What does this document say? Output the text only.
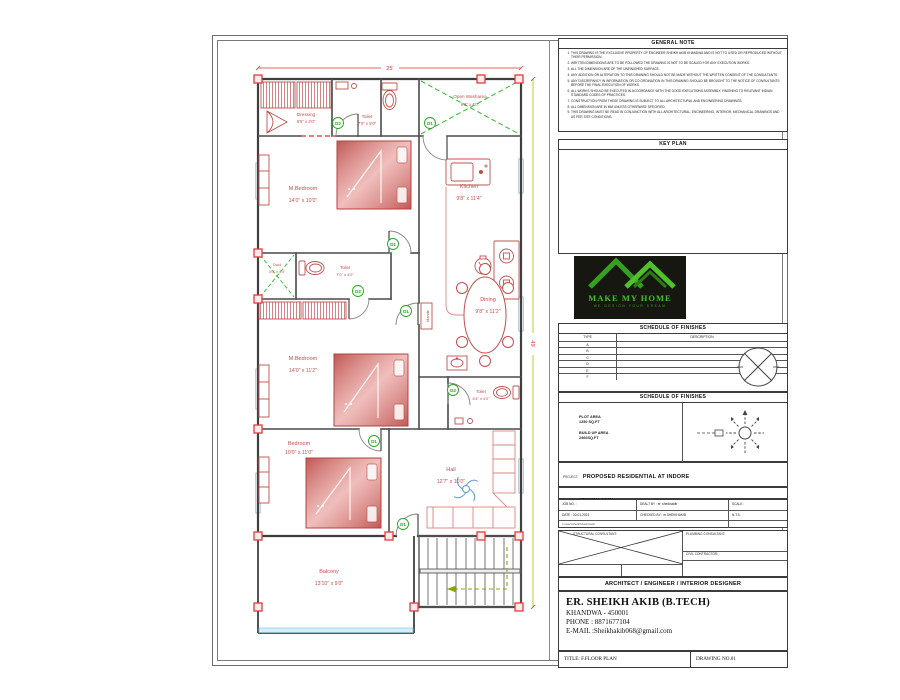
25'
49'
D2	D1
D1
D2
D1
D2
D1
D1
Mandir
Dressing
6'6" x 3'0"
Toilet
7'0" x 5'0"
Open Washarea
9'6" x 4'0"
M.Bedroom
14'0" x 10'0"
Kitchen
9'8" x 11'4"
Duct
3'0" x 4'0"
Toilet
7'0" x 4'0"
M.Bedroom
14'0" x 11'2"
Dining
9'8" x 11'2"
Toilet
6'4" x 4'0"
Bedroom
10'0" x 11'0"
Hall
12'7" x 10'0"
Balcony
13'10" x 9'0"
GENERAL NOTE
1. THIS DRAWING IS THE EXCLUSIVE PROPERTY OF ENGINEER SHEIKH AKIB KHANDWA AND IS NOT TO USED OR REPRODUCED WITHOUT THEIR PERMISSION.
2. WRITTEN DIMENSIONS ARE TO BE FOLLOWED THE DRAWING IS NOT TO BE SCALED FOR ANY EXECUTION WORKS.
3. ALL THE DIMENSION ARE OF THE UNFINISHED SURFACE.
4. ANY ADDITION OR ALTERATION TO THIS DRAWING SHOULD NOT BE MADE WITHOUT THE WRITTEN CONSENT OF THE CONSULTANTS.
5. ANY DISCREPANCY IN INFORMATION OR CO-ORDINATION IN THIS DRAWING SHOULD BE BROUGHT TO THE NOTICE OF CONSULTANTS BEFORE THE FINAL EXECUTION OF WORKS.
6. ALL WORKS SHOULD BE EXECUTED IN ACCORDANCE WITH THE GOOD EXECUTIONS ASSEMBLY, FINISHING TO RELEVANT INDIAN STANDARD CODES OF PRACTICES.
7. CONSTRUCTION FROM THESE DRAWING IS SUBJECT TO ALL ARCHITECTURAL AND ENGINEERING DRAWINGS.
8. ALL DIMENSION ARE IN MM UNLESS OTHERWISE SPECIFIED.
9. THIS DRAWING MUST BE READ IN CONJUNCTION WITH ALL ARCHITECTURAL, ENGINEERING, INTERIOR, MECHANICAL DRAWINGS AND AS PER SITE CONDITIONS.
KEY PLAN
MAKE MY HOME
WE DESIGN YOUR DREAM
SCHEDULE OF FINISHES
TYPE	DESCRIPTION
A
B
C
D
E
F
SCHEDULE OF FINISHES
PLOT AREA
1250 SQ.FT
BUILD UP AREA
2466SQ.FT
PROJECT: PROPOSED RESIDENTIAL AT INDORE
JOB NO. :	DEALT BY : er. sheikhakib	SCALE :
DATE : 30-01-2023	CHECKED BY : er.SHEIKHAKIB	N.T.S.
c:\users\sheikh\downloads
STRUCTURAL CONSULTANT:	PLUMBING CONSULTANT:
CIVIL CONTRACTOR:
ARCHITECT / ENGINEER / INTERIOR DESIGNER
ER. SHEIKH AKIB (B.TECH)
KHANDWA - 450001
PHONE : 8871677104
E-MAIL :Sheikhakib068@gmail.com
TITLE: F.FLOOR PLAN	DRAWING NO.01
